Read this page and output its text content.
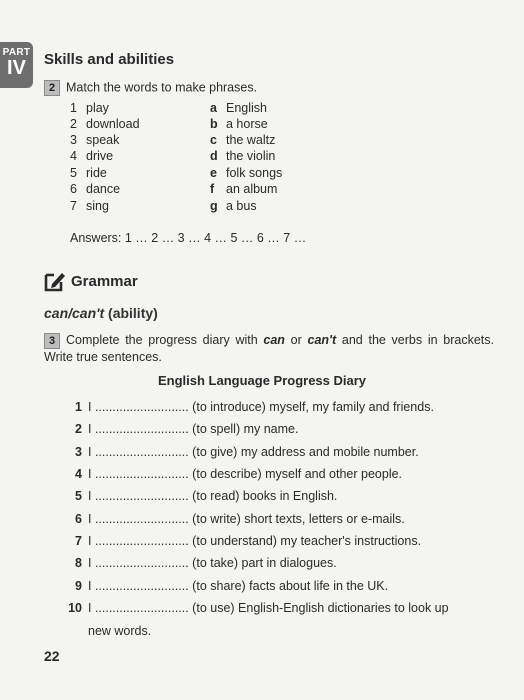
PART
IV	Skills and abilities
2 Match the words to make phrases.
1 play	a English
2 download	b a horse
3 speak	c the waltz
4 drive	d the violin
5 ride	e folk songs
6 dance	f an album
7 sing	g a bus
Answers: 1 … 2 … 3 … 4 … 5 … 6 … 7 …
Grammar
can/can't (ability)
3 Complete the progress diary with can or can't and the verbs in brackets. Write true sentences.
English Language Progress Diary
1 I ........................... (to introduce) myself, my family and friends.
2 I ........................... (to spell) my name.
3 I ........................... (to give) my address and mobile number.
4 I ........................... (to describe) myself and other people.
5 I ........................... (to read) books in English.
6 I ........................... (to write) short texts, letters or e-mails.
7 I ........................... (to understand) my teacher's instructions.
8 I ........................... (to take) part in dialogues.
9 I ........................... (to share) facts about life in the UK.
10 I ........................... (to use) English-English dictionaries to look up
new words.
22
